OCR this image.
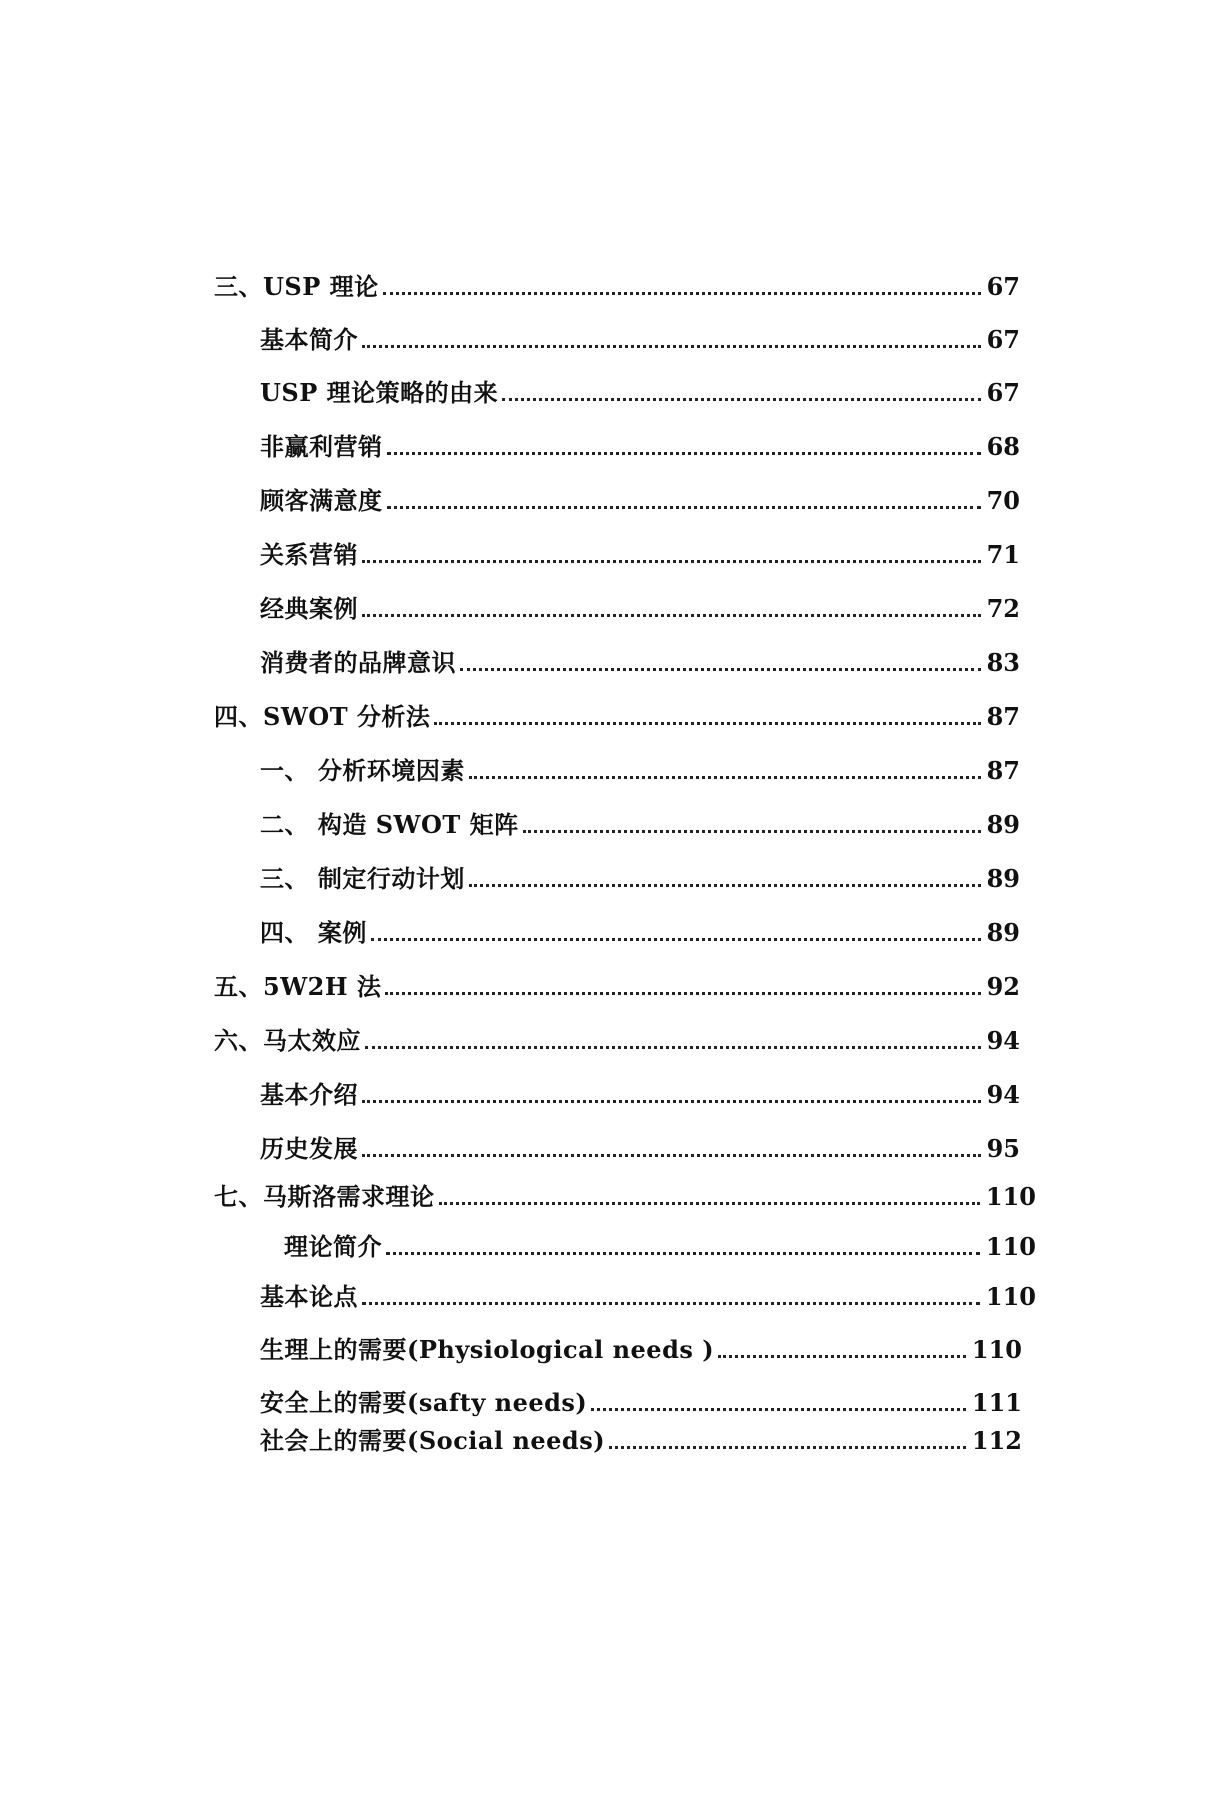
三、USP 理论	67
基本简介	67
USP 理论策略的由来	67
非赢利营销	68
顾客满意度	70
关系营销	71
经典案例	72
消费者的品牌意识	83
四、SWOT 分析法	87
一、 分析环境因素	87
二、 构造 SWOT 矩阵	89
三、 制定行动计划	89
四、 案例	89
五、5W2H 法	92
六、马太效应	94
基本介绍	94
历史发展	95
七、马斯洛需求理论	110
理论简介	110
基本论点	110
生理上的需要(Physiological needs )	110
安全上的需要(safty needs)	111
社会上的需要(Social needs)	112
